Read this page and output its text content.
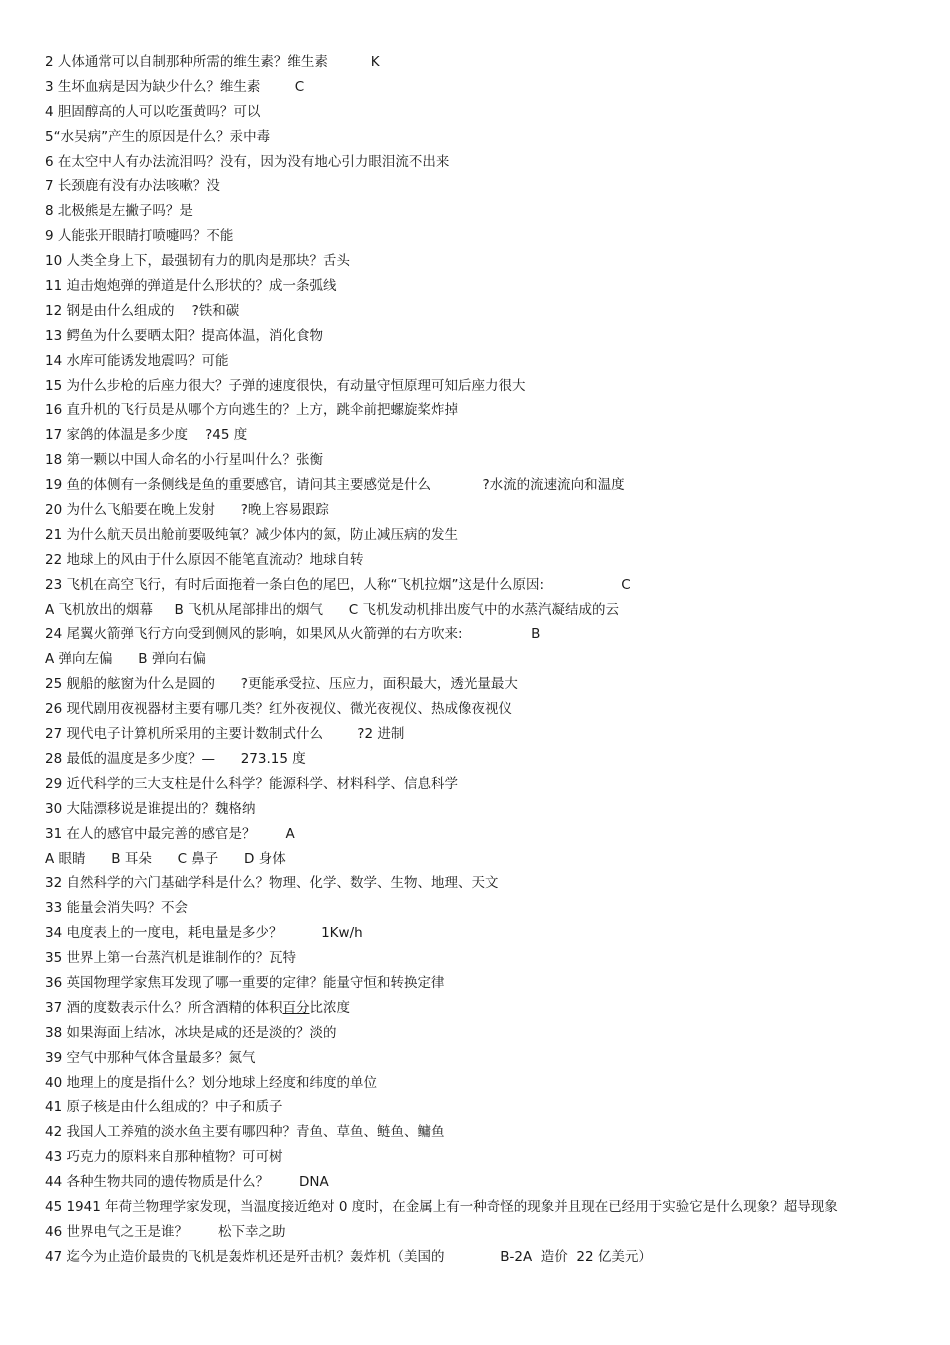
2 人体通常可以自制那种所需的维生素？维生素          K
3 生坏血病是因为缺少什么？维生素        C
4 胆固醇高的人可以吃蛋黄吗？可以
5“水吴病”产生的原因是什么？汞中毒
6 在太空中人有办法流泪吗？没有，因为没有地心引力眼泪流不出来
7 长颈鹿有没有办法咳嗽？没
8 北极熊是左撇子吗？是
9 人能张开眼睛打喷嚏吗？不能
10 人类全身上下，最强韧有力的肌肉是那块？舌头
11 迫击炮炮弹的弹道是什么形状的？成一条弧线
12 钢是由什么组成的    ?铁和碳
13 鳄鱼为什么要晒太阳？提高体温，消化食物
14 水库可能诱发地震吗？可能
15 为什么步枪的后座力很大？子弹的速度很快，有动量守恒原理可知后座力很大
16 直升机的飞行员是从哪个方向逃生的？上方，跳伞前把螺旋桨炸掉
17 家鸽的体温是多少度    ?45 度
18 第一颗以中国人命名的小行星叫什么？张衡
19 鱼的体侧有一条侧线是鱼的重要感官，请问其主要感觉是什么            ?水流的流速流向和温度
20 为什么飞船要在晚上发射      ?晚上容易跟踪
21 为什么航天员出舱前要吸纯氧？减少体内的氮，防止减压病的发生
22 地球上的风由于什么原因不能笔直流动？地球自转
23 飞机在高空飞行，有时后面拖着一条白色的尾巴，人称“飞机拉烟”这是什么原因:                  C
A 飞机放出的烟幕     B 飞机从尾部排出的烟气      C 飞机发动机排出废气中的水蒸汽凝结成的云
24 尾翼火箭弹飞行方向受到侧风的影响，如果风从火箭弹的右方吹来:                B
A 弹向左偏      B 弹向右偏
25 舰船的舷窗为什么是圆的      ?更能承受拉、压应力，面积最大，透光量最大
26 现代剧用夜视器材主要有哪几类？红外夜视仪、微光夜视仪、热成像夜视仪
27 现代电子计算机所采用的主要计数制式什么        ?2 进制
28 最低的温度是多少度？—      273.15 度
29 近代科学的三大支柱是什么科学？能源科学、材料科学、信息科学
30 大陆漂移说是谁提出的？魏格纳
31 在人的感官中最完善的感官是？       A
A 眼睛      B 耳朵      C 鼻子      D 身体
32 自然科学的六门基础学科是什么？物理、化学、数学、生物、地理、天文
33 能量会消失吗？不会
34 电度表上的一度电，耗电量是多少？         1Kw/h
35 世界上第一台蒸汽机是谁制作的？瓦特
36 英国物理学家焦耳发现了哪一重要的定律？能量守恒和转换定律
37 酒的度数表示什么？所含酒精的体积百分比浓度
38 如果海面上结冰，冰块是咸的还是淡的？淡的
39 空气中那种气体含量最多？氮气
40 地理上的度是指什么？划分地球上经度和纬度的单位
41 原子核是由什么组成的？中子和质子
42 我国人工养殖的淡水鱼主要有哪四种？青鱼、草鱼、鲢鱼、鳙鱼
43 巧克力的原料来自那种植物？可可树
44 各种生物共同的遗传物质是什么？       DNA
45 1941 年荷兰物理学家发现，当温度接近绝对 0 度时，在金属上有一种奇怪的现象并且现在已经用于实验它是什么现象？超导现象
46 世界电气之王是谁？       松下幸之助
47 迄今为止造价最贵的飞机是轰炸机还是歼击机？轰炸机（美国的             B-2A  造价  22 亿美元）
